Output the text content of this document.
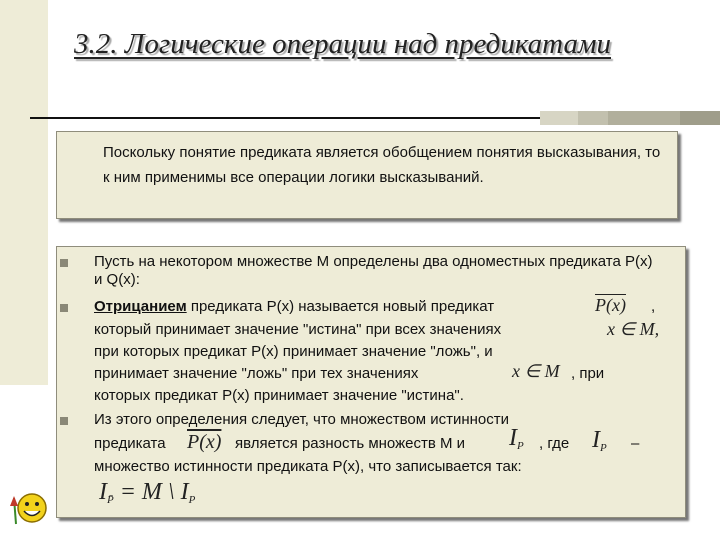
3.2. Логические операции над предикатами
Поскольку понятие предиката является обобщением понятия высказывания, то к ним применимы все операции логики высказываний.
Пусть на некотором множестве M определены два одноместных предиката P(x) и Q(x):
Отрицанием предиката P(x) называется новый предикат	P(x) ,
который принимает значение "истина" при всех значениях	x ∈ M,
при которых предикат P(x) принимает значение "ложь", и
принимает значение "ложь" при тех значениях	x ∈ M , при
которых предикат P(x) принимает значение "истина".
Из этого определения следует, что множеством истинности
предиката P(x) является разность множеств M и IP , где IP –
множество истинности предиката P(x), что записывается так:
IP̄ = M \ IP
